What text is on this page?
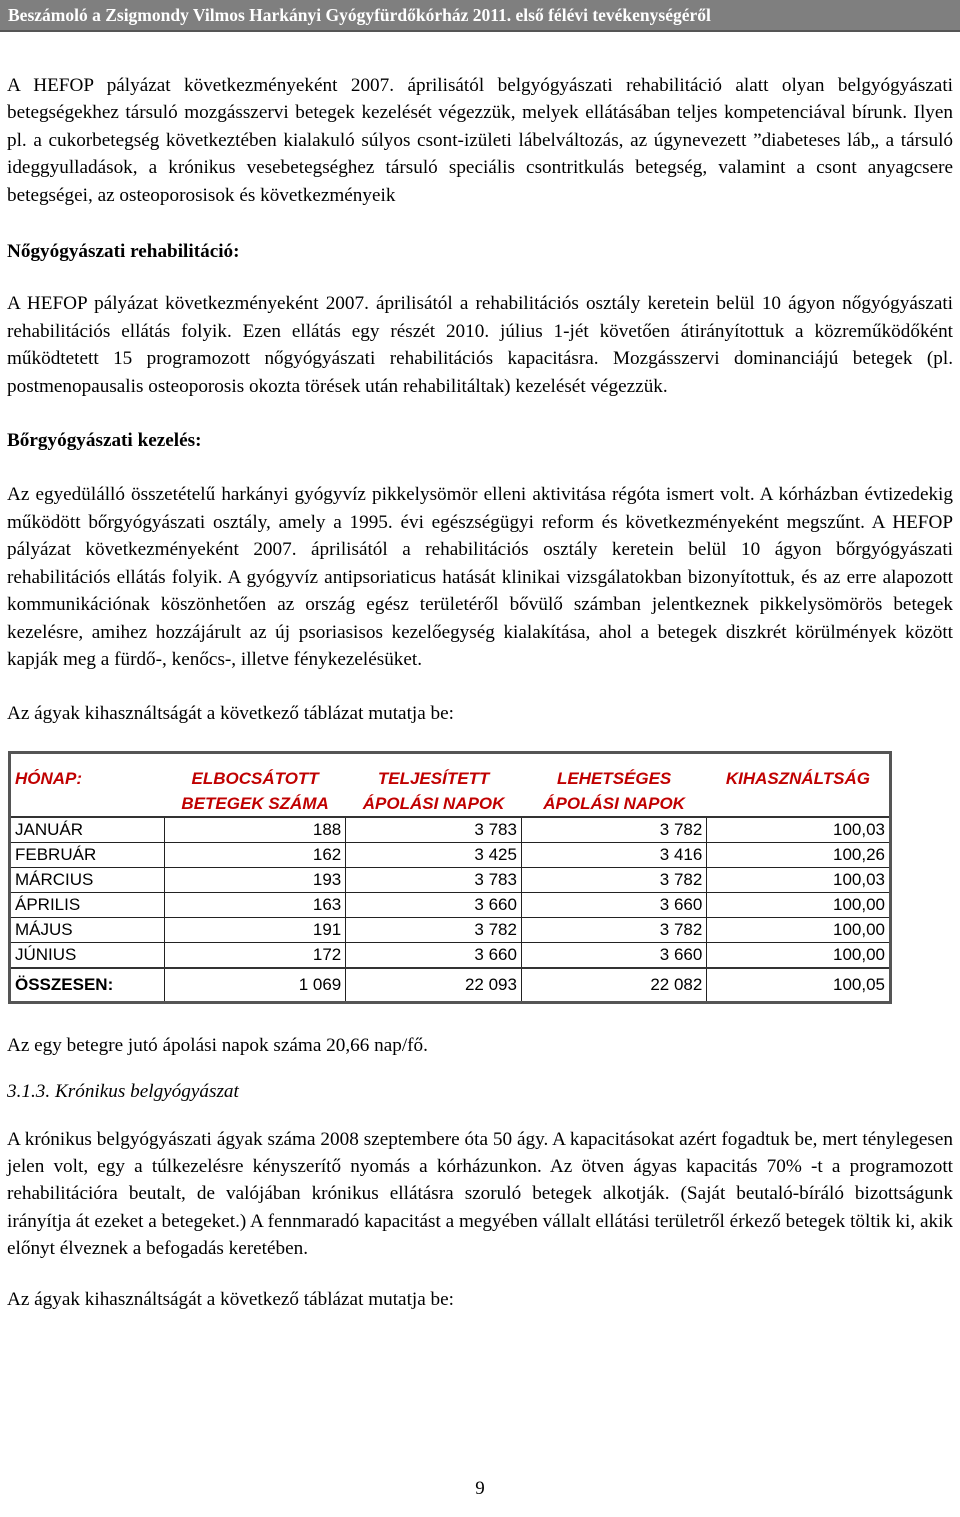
Beszámoló a Zsigmondy Vilmos Harkányi Gyógyfürdőkórház 2011. első félévi tevékenységéről

A HEFOP pályázat következményeként 2007. áprilisától belgyógyászati rehabilitáció alatt olyan belgyógyászati betegségekhez társuló mozgásszervi betegek kezelését végezzük, melyek ellátásában teljes kompetenciával bírunk. Ilyen pl. a cukorbetegség következtében kialakuló súlyos csont-izületi lábelváltozás, az úgynevezett ”diabeteses láb„ a társuló ideggyulladások, a krónikus vesebetegséghez társuló speciális csontritkulás betegség, valamint a csont anyagcsere betegségei, az osteoporosisok és következményeik

Nőgyógyászati rehabilitáció:

A HEFOP pályázat következményeként 2007. áprilisától a rehabilitációs osztály keretein belül 10 ágyon nőgyógyászati rehabilitációs ellátás folyik. Ezen ellátás egy részét 2010. július 1-jét követően átirányítottuk a közreműködőként működtetett 15 programozott nőgyógyászati rehabilitációs kapacitásra. Mozgásszervi dominanciájú betegek (pl. postmenopausalis osteoporosis okozta törések után rehabilitáltak) kezelését végezzük.

Bőrgyógyászati kezelés:

Az egyedülálló összetételű harkányi gyógyvíz pikkelysömör elleni aktivitása régóta ismert volt. A kórházban évtizedekig működött bőrgyógyászati osztály, amely a 1995. évi egészségügyi reform és következményeként megszűnt. A HEFOP pályázat következményeként 2007. áprilisától a rehabilitációs osztály keretein belül 10 ágyon bőrgyógyászati rehabilitációs ellátás folyik. A gyógyvíz antipsoriaticus hatását klinikai vizsgálatokban bizonyítottuk, és az erre alapozott kommunikációnak köszönhetően az ország egész területéről bővülő számban jelentkeznek pikkelysömörös betegek kezelésre, amihez hozzájárult az új psoriasisos kezelőegység kialakítása, ahol a betegek diszkrét körülmények között kapják meg a fürdő-, kenőcs-, illetve fénykezelésüket.

Az ágyak kihasználtságát a következő táblázat mutatja be:

HÓNAP:	ELBOCSÁTOTT BETEGEK SZÁMA	TELJESÍTETT ÁPOLÁSI NAPOK	LEHETSÉGES ÁPOLÁSI NAPOK	KIHASZNÁLTSÁG
JANUÁR	188	3 783	3 782	100,03
FEBRUÁR	162	3 425	3 416	100,26
MÁRCIUS	193	3 783	3 782	100,03
ÁPRILIS	163	3 660	3 660	100,00
MÁJUS	191	3 782	3 782	100,00
JÚNIUS	172	3 660	3 660	100,00
ÖSSZESEN:	1 069	22 093	22 082	100,05

Az egy betegre jutó ápolási napok száma 20,66 nap/fő.

3.1.3. Krónikus belgyógyászat

A krónikus belgyógyászati ágyak száma 2008 szeptembere óta 50 ágy. A kapacitásokat azért fogadtuk be, mert ténylegesen jelen volt, egy a túlkezelésre kényszerítő nyomás a kórházunkon. Az ötven ágyas kapacitás 70% -t a programozott rehabilitációra beutalt, de valójában krónikus ellátásra szoruló betegek alkotják. (Saját beutaló-bíráló bizottságunk irányítja át ezeket a betegeket.) A fennmaradó kapacitást a megyében vállalt ellátási területről érkező betegek töltik ki, akik előnyt élveznek a befogadás keretében.

Az ágyak kihasználtságát a következő táblázat mutatja be:

9
